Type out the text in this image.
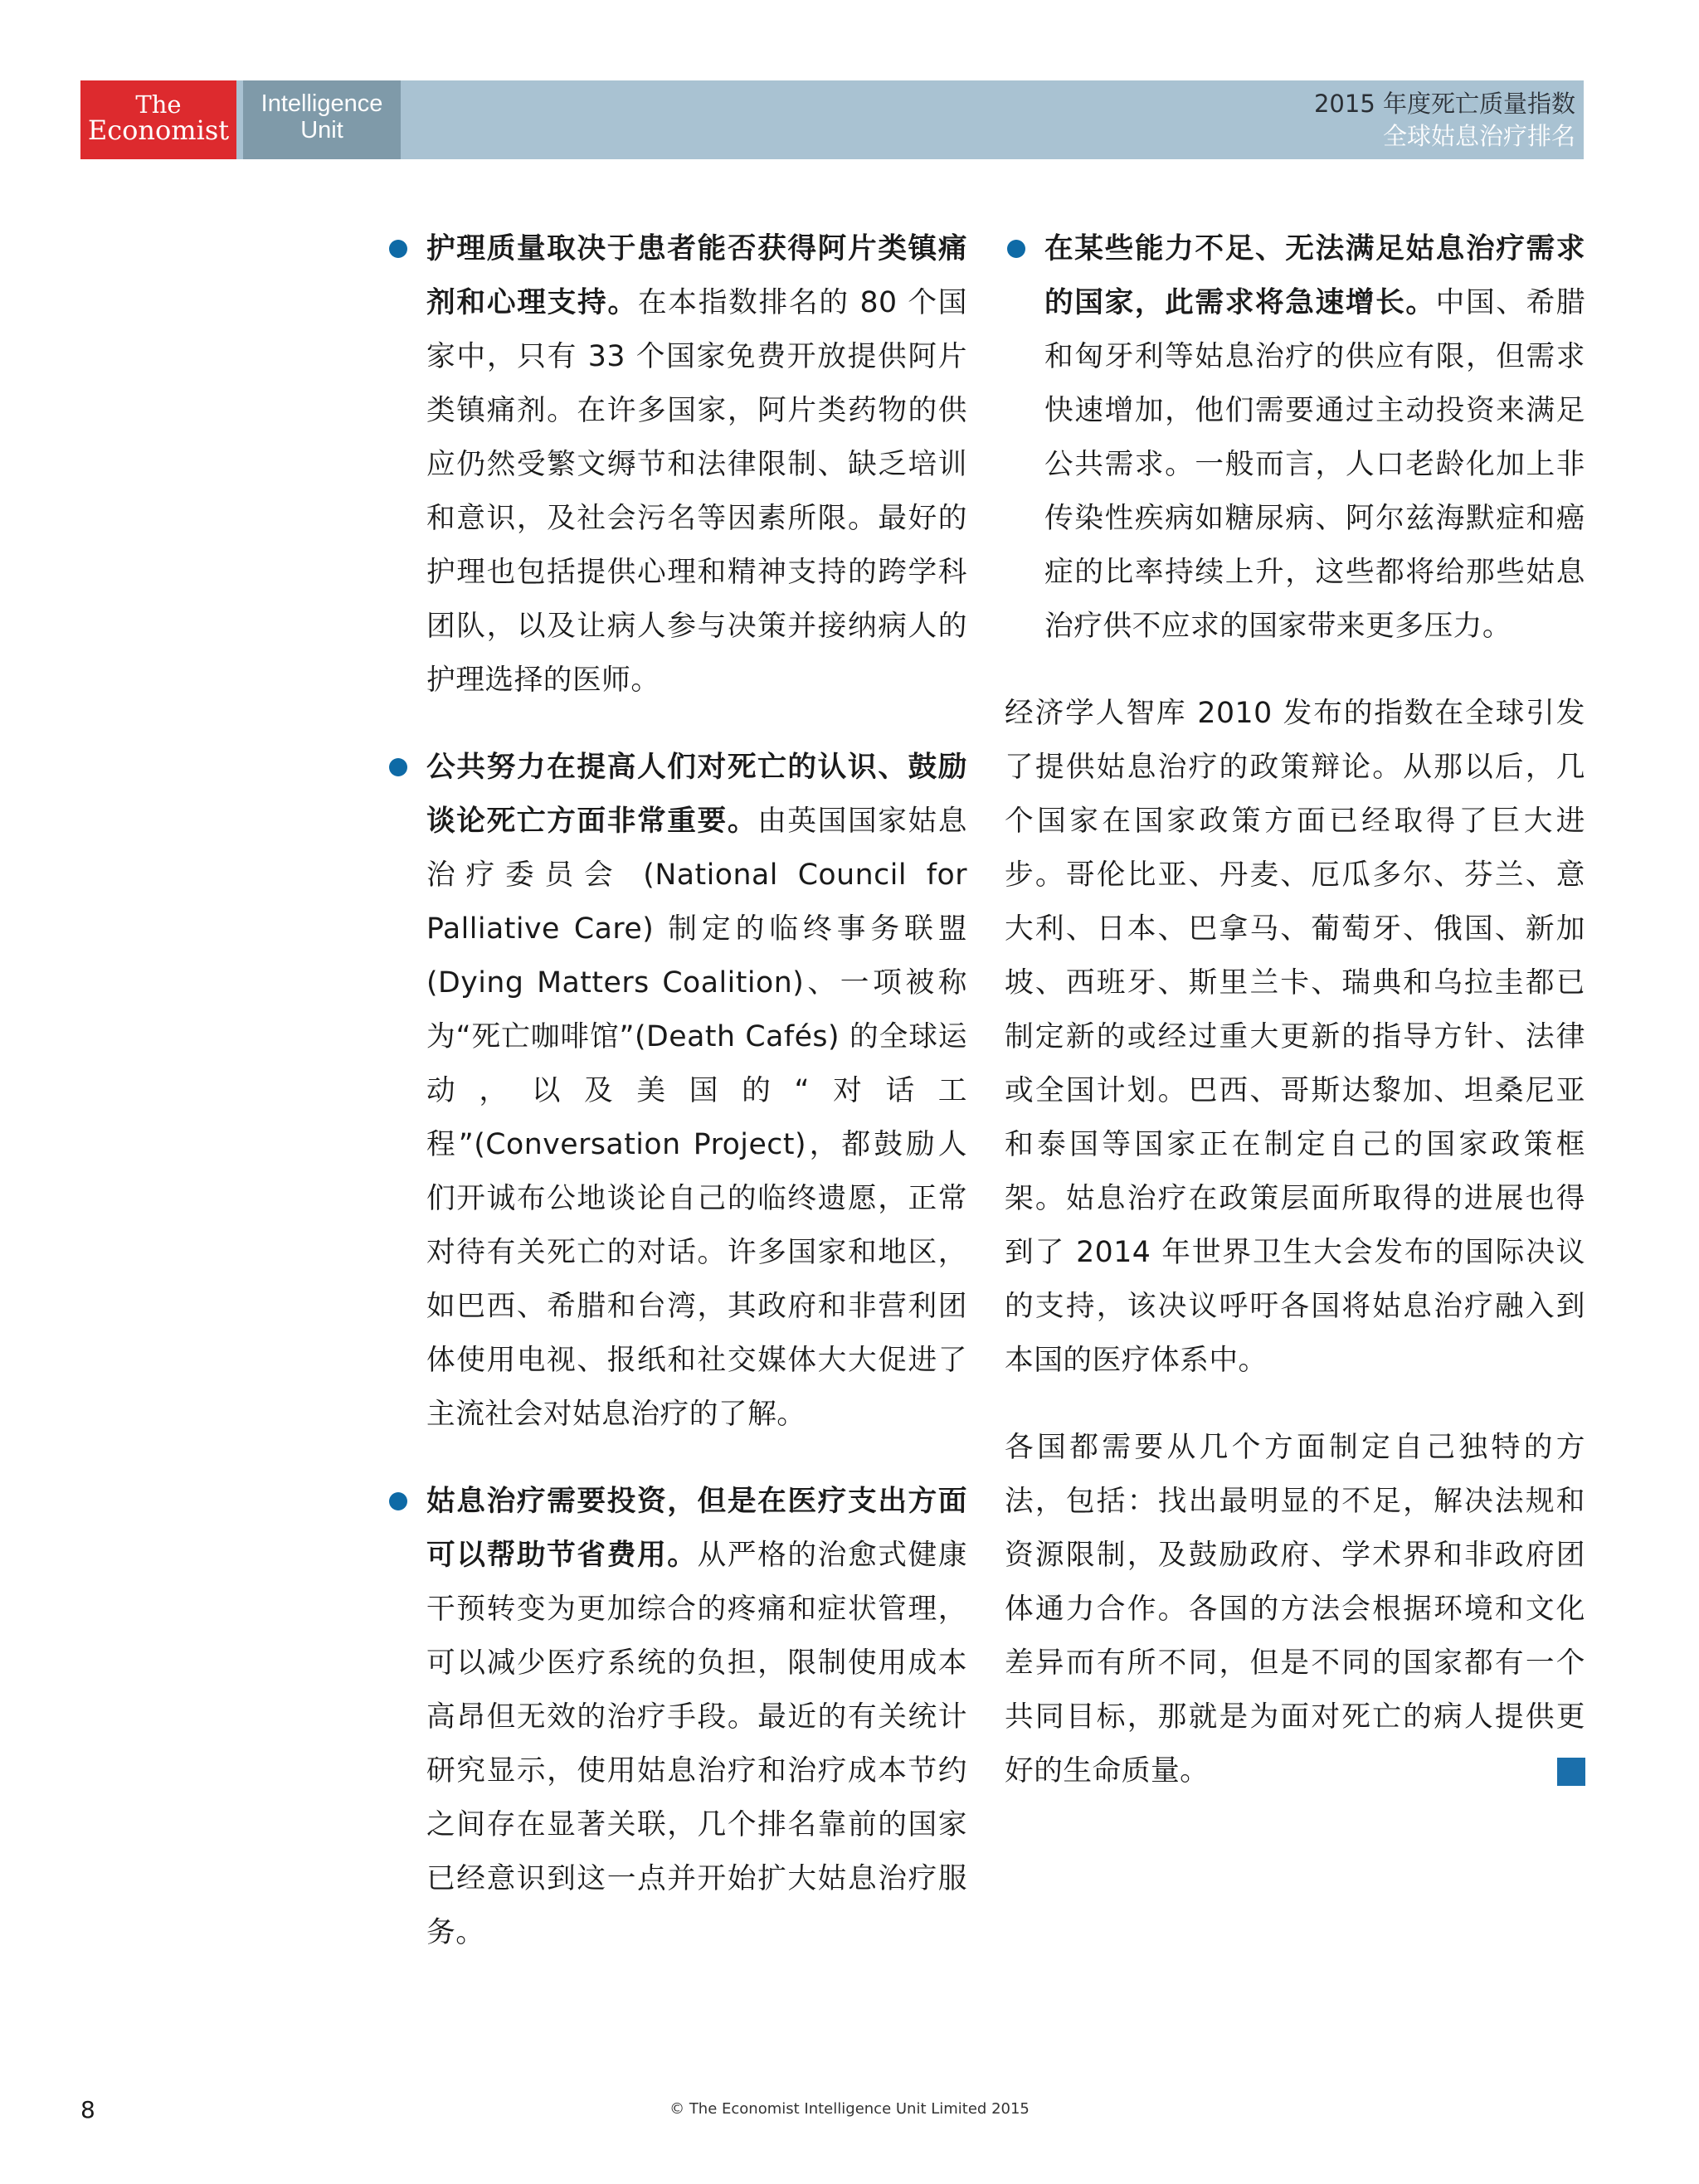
The
Economist
Intelligence
Unit
2015 年度死亡质量指数
全球姑息治疗排名
护理质量取决于患者能否获得阿片类镇痛剂和心理支持。在本指数排名的 80 个国家中，只有 33 个国家免费开放提供阿片类镇痛剂。在许多国家，阿片类药物的供应仍然受繁文缛节和法律限制、缺乏培训和意识，及社会污名等因素所限。最好的护理也包括提供心理和精神支持的跨学科团队，以及让病人参与决策并接纳病人的护理选择的医师。
公共努力在提高人们对死亡的认识、鼓励谈论死亡方面非常重要。由英国国家姑息治疗委员会 (National Council for Palliative Care) 制定的临终事务联盟 (Dying Matters Coalition)、一项被称为“死亡咖啡馆”(Death Cafés) 的全球运动，以及美国的“对话工程”(Conversation Project)，都鼓励人们开诚布公地谈论自己的临终遗愿，正常对待有关死亡的对话。许多国家和地区，如巴西、希腊和台湾，其政府和非营利团体使用电视、报纸和社交媒体大大促进了主流社会对姑息治疗的了解。
姑息治疗需要投资，但是在医疗支出方面可以帮助节省费用。从严格的治愈式健康干预转变为更加综合的疼痛和症状管理，可以减少医疗系统的负担，限制使用成本高昂但无效的治疗手段。最近的有关统计研究显示，使用姑息治疗和治疗成本节约之间存在显著关联，几个排名靠前的国家已经意识到这一点并开始扩大姑息治疗服务。
在某些能力不足、无法满足姑息治疗需求的国家，此需求将急速增长。中国、希腊和匈牙利等姑息治疗的供应有限，但需求快速增加，他们需要通过主动投资来满足公共需求。一般而言，人口老龄化加上非传染性疾病如糖尿病、阿尔兹海默症和癌症的比率持续上升，这些都将给那些姑息治疗供不应求的国家带来更多压力。
经济学人智库 2010 发布的指数在全球引发了提供姑息治疗的政策辩论。从那以后，几个国家在国家政策方面已经取得了巨大进步。哥伦比亚、丹麦、厄瓜多尔、芬兰、意大利、日本、巴拿马、葡萄牙、俄国、新加坡、西班牙、斯里兰卡、瑞典和乌拉圭都已制定新的或经过重大更新的指导方针、法律或全国计划。巴西、哥斯达黎加、坦桑尼亚和泰国等国家正在制定自己的国家政策框架。姑息治疗在政策层面所取得的进展也得到了 2014 年世界卫生大会发布的国际决议的支持，该决议呼吁各国将姑息治疗融入到本国的医疗体系中。
各国都需要从几个方面制定自己独特的方法，包括：找出最明显的不足，解决法规和资源限制，及鼓励政府、学术界和非政府团体通力合作。各国的方法会根据环境和文化差异而有所不同，但是不同的国家都有一个共同目标，那就是为面对死亡的病人提供更好的生命质量。
8	© The Economist Intelligence Unit Limited 2015
